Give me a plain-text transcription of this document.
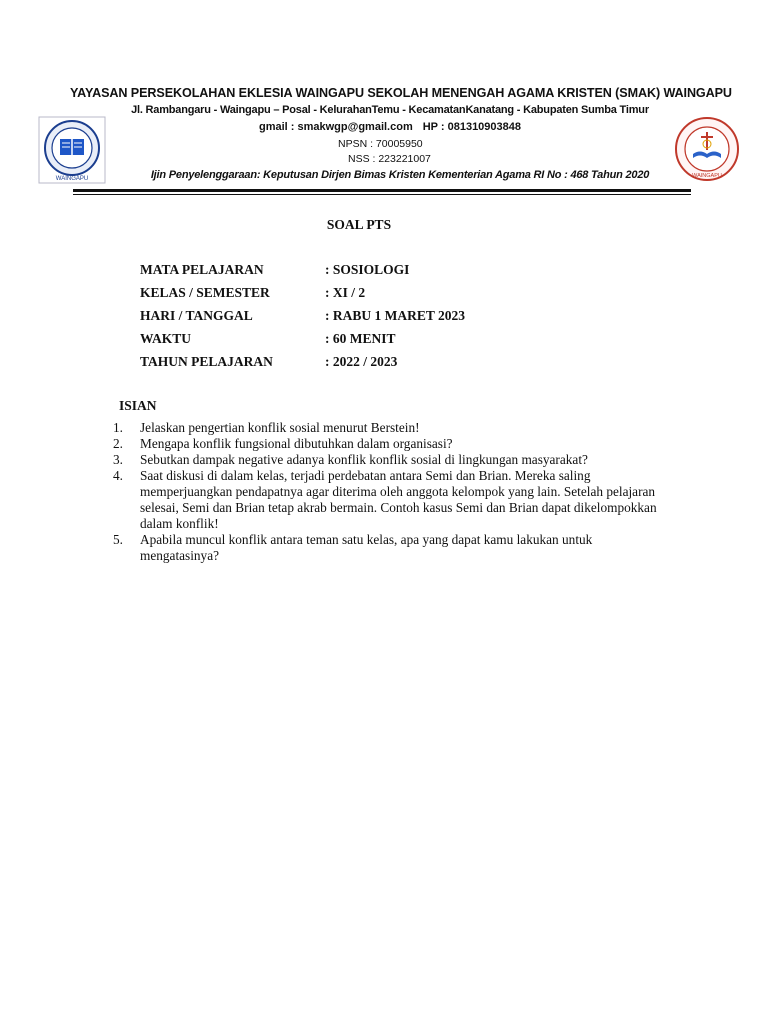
WAINGAPU	WAINGAPU
YAYASAN PERSEKOLAHAN EKLESIA WAINGAPU SEKOLAH MENENGAH AGAMA KRISTEN (SMAK) WAINGAPU
Jl. Rambangaru - Waingapu – Posal - KelurahanTemu - KecamatanKanatang - Kabupaten Sumba Timur
gmail : smakwgp@gmail.com HP : 081310903848
NPSN : 70005950
NSS : 223221007
Ijin Penyelenggaraan: Keputusan Dirjen Bimas Kristen Kementerian Agama RI No : 468 Tahun 2020
SOAL PTS
MATA PELAJARAN	: SOSIOLOGI
KELAS / SEMESTER	: XI / 2
HARI / TANGGAL	: RABU 1 MARET 2023
WAKTU	: 60 MENIT
TAHUN PELAJARAN	: 2022 / 2023
ISIAN
1. Jelaskan pengertian konflik sosial menurut Berstein!
2. Mengapa konflik fungsional dibutuhkan dalam organisasi?
3. Sebutkan dampak negative adanya konflik konflik sosial di lingkungan masyarakat?
4. Saat diskusi di dalam kelas, terjadi perdebatan antara Semi dan Brian. Mereka saling memperjuangkan pendapatnya agar diterima oleh anggota kelompok yang lain. Setelah pelajaran selesai, Semi dan Brian tetap akrab bermain. Contoh kasus Semi dan Brian dapat dikelompokkan dalam konflik!
5. Apabila muncul konflik antara teman satu kelas, apa yang dapat kamu lakukan untuk mengatasinya?
